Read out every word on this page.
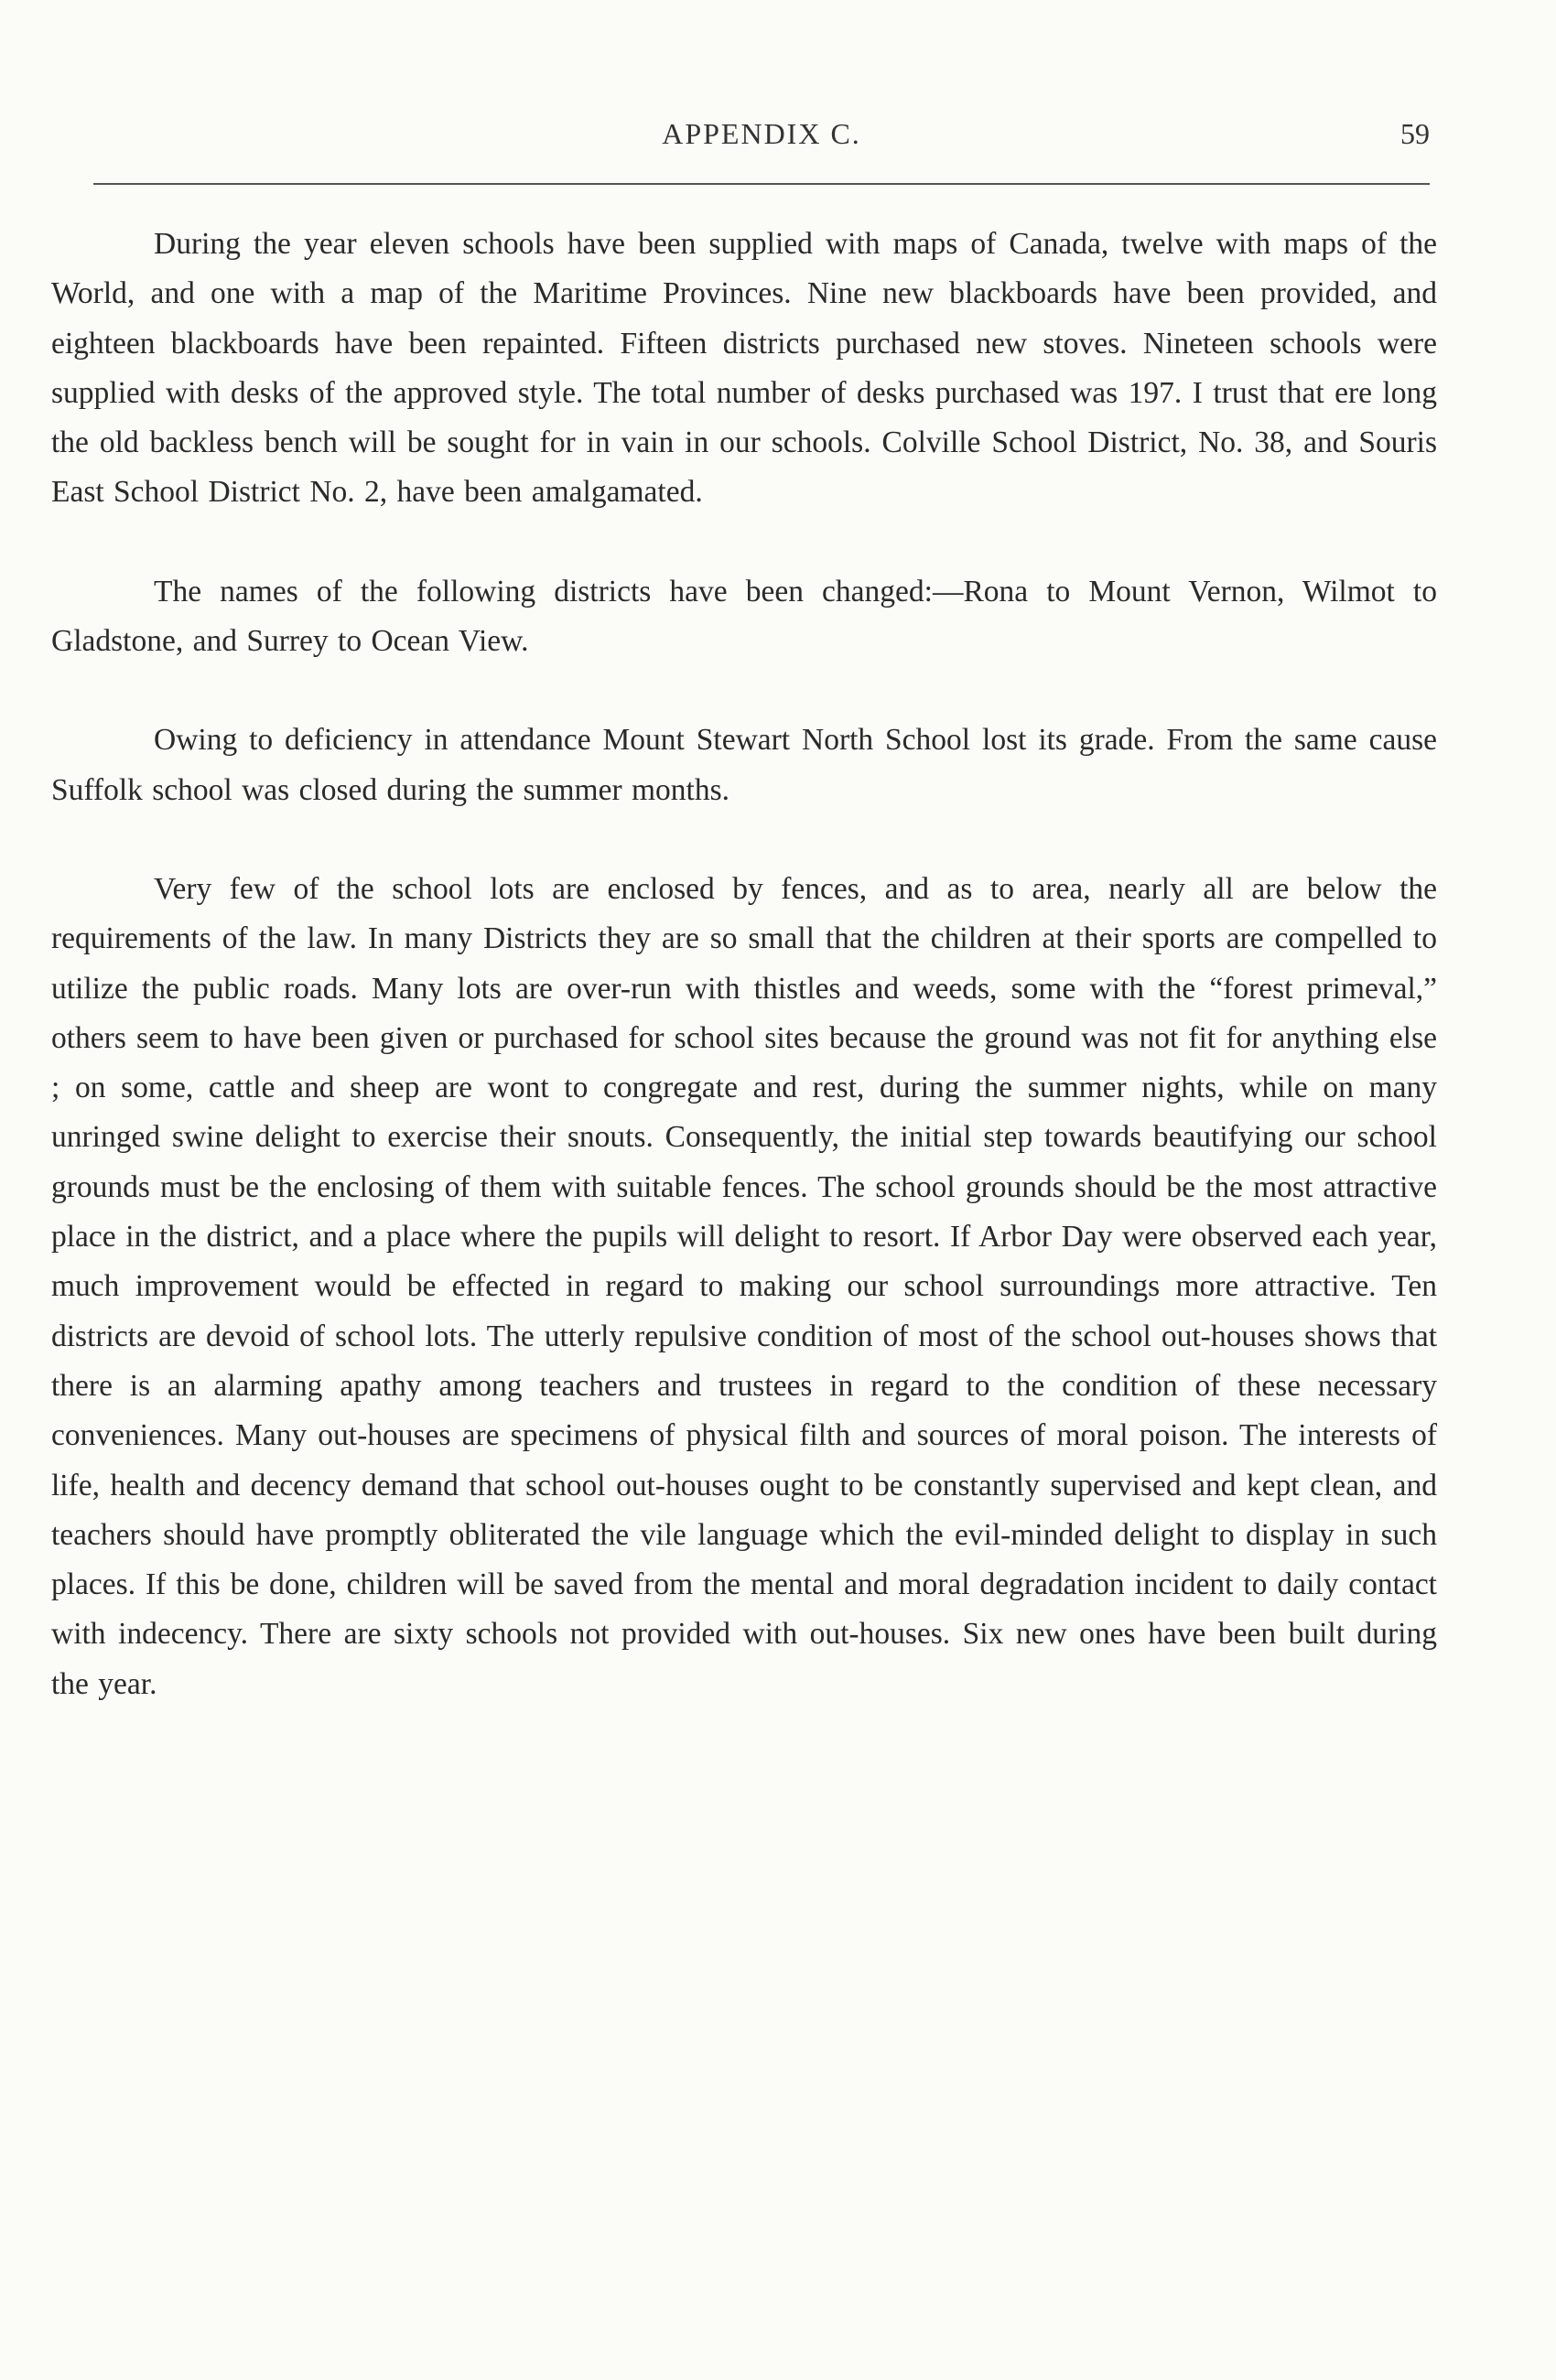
APPENDIX C.	59

During the year eleven schools have been supplied with maps of Canada, twelve with maps of the World, and one with a map of the Maritime Provinces. Nine new blackboards have been provided, and eighteen blackboards have been repainted. Fifteen districts purchased new stoves. Nineteen schools were supplied with desks of the approved style. The total number of desks purchased was 197. I trust that ere long the old backless bench will be sought for in vain in our schools. Colville School District, No. 38, and Souris East School District No. 2, have been amalgamated.

The names of the following districts have been changed:—Rona to Mount Vernon, Wilmot to Gladstone, and Surrey to Ocean View.

Owing to deficiency in attendance Mount Stewart North School lost its grade. From the same cause Suffolk school was closed during the summer months.

Very few of the school lots are enclosed by fences, and as to area, nearly all are below the requirements of the law. In many Districts they are so small that the children at their sports are compelled to utilize the public roads. Many lots are over-run with thistles and weeds, some with the “forest primeval,” others seem to have been given or purchased for school sites because the ground was not fit for anything else ; on some, cattle and sheep are wont to congregate and rest, during the summer nights, while on many unringed swine delight to exercise their snouts. Consequently, the initial step towards beautifying our school grounds must be the enclosing of them with suitable fences. The school grounds should be the most attractive place in the district, and a place where the pupils will delight to resort. If Arbor Day were observed each year, much improvement would be effected in regard to making our school surroundings more attractive. Ten districts are devoid of school lots. The utterly repulsive condition of most of the school out-houses shows that there is an alarming apathy among teachers and trustees in regard to the condition of these necessary conveniences. Many out-houses are specimens of physical filth and sources of moral poison. The interests of life, health and decency demand that school out-houses ought to be constantly supervised and kept clean, and teachers should have promptly obliterated the vile language which the evil-minded delight to display in such places. If this be done, children will be saved from the mental and moral degradation incident to daily contact with indecency. There are sixty schools not provided with out-houses. Six new ones have been built during the year.
